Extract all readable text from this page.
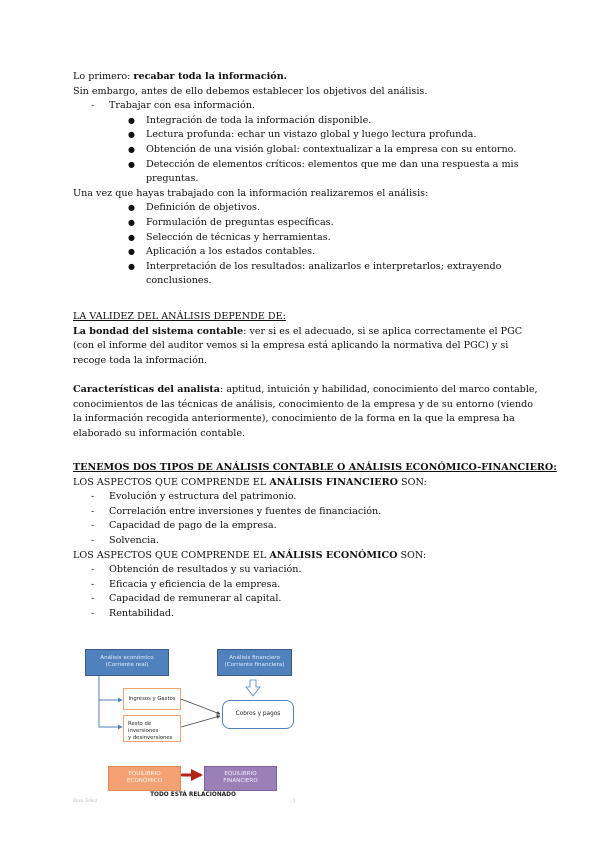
Lo primero: recabar toda la información.
Sin embargo, antes de ello debemos establecer los objetivos del análisis.
- Trabajar con esa información.
● Integración de toda la información disponible.
● Lectura profunda: echar un vistazo global y luego lectura profunda.
● Obtención de una visión global: contextualizar a la empresa con su entorno.
● Detección de elementos críticos: elementos que me dan una respuesta a mis
preguntas.
Una vez que hayas trabajado con la información realizaremos el análisis:
● Definición de objetivos.
● Formulación de preguntas específicas.
● Selección de técnicas y herramientas.
● Aplicación a los estados contables.
● Interpretación de los resultados: analizarlos e interpretarlos; extrayendo
conclusiones.
LA VALIDEZ DEL ANÁLISIS DEPENDE DE:
La bondad del sistema contable: ver si es el adecuado, si se aplica correctamente el PGC (con el informe del auditor vemos si la empresa está aplicando la normativa del PGC) y si recoge toda la información.
Características del analista: aptitud, intuición y habilidad, conocimiento del marco contable, conocimientos de las técnicas de análisis, conocimiento de la empresa y de su entorno (viendo la información recogida anteriormente), conocimiento de la forma en la que la empresa ha elaborado su información contable.
TENEMOS DOS TIPOS DE ANÁLISIS CONTABLE O ANÁLISIS ECONÓMICO-FINANCIERO:
LOS ASPECTOS QUE COMPRENDE EL ANÁLISIS FINANCIERO SON:
- Evolución y estructura del patrimonio.
- Correlación entre inversiones y fuentes de financiación.
- Capacidad de pago de la empresa.
- Solvencia.
LOS ASPECTOS QUE COMPRENDE EL ANÁLISIS ECONÓMICO SON:
- Obtención de resultados y su variación.
- Eficacia y eficiencia de la empresa.
- Capacidad de remunerar al capital.
- Rentabilidad.
Análisis económico
(Corriente real)
Análisis financiero
(Corriente financiera)
Ingresos y Gastos
Resto de inversiones
y desinversiones
Cobros y pagos
EQUILIBRIO
ECONÓMICO
EQUILIBRIO
FINANCIERO
TODO ESTÁ RELACIONADO
Ross Tellez	1
